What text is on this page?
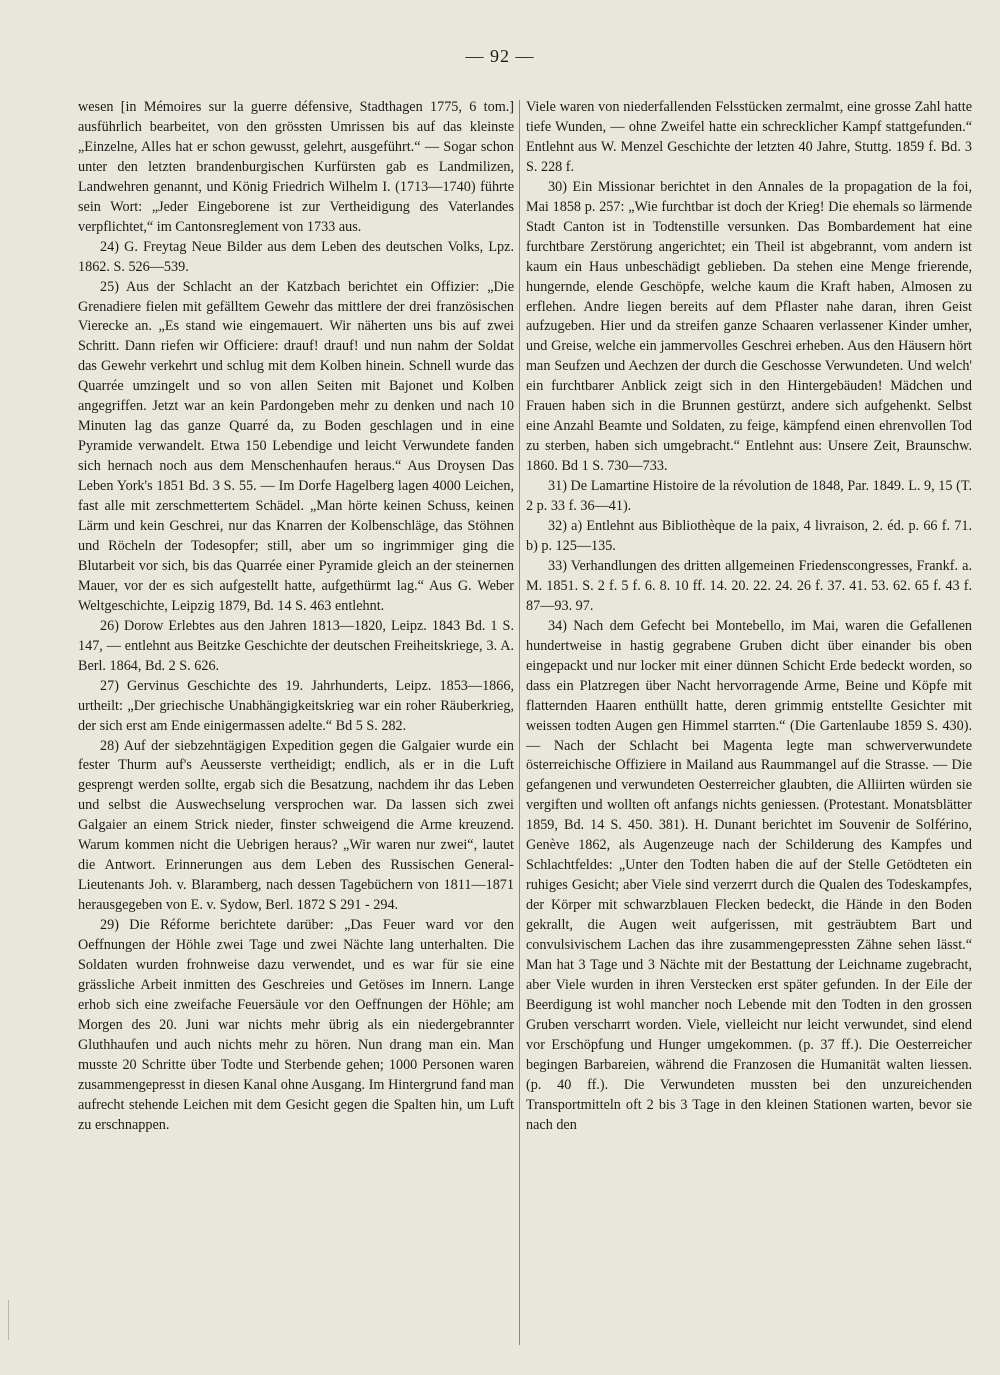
— 92 —

wesen [in Mémoires sur la guerre défensive, Stadthagen 1775, 6 tom.] ausführlich bearbeitet, von den grössten Umrissen bis auf das kleinste „Einzelne, Alles hat er schon gewusst, gelehrt, ausgeführt.“ — Sogar schon unter den letzten brandenburgischen Kurfürsten gab es Landmilizen, Landwehren genannt, und König Friedrich Wilhelm I. (1713—1740) führte sein Wort: „Jeder Eingeborene ist zur Vertheidigung des Vaterlandes verpflichtet,“ im Cantonsreglement von 1733 aus.

24) G. Freytag Neue Bilder aus dem Leben des deutschen Volks, Lpz. 1862. S. 526—539.

25) Aus der Schlacht an der Katzbach berichtet ein Offizier: „Die Grenadiere fielen mit gefälltem Gewehr das mittlere der drei französischen Vierecke an. „Es stand wie eingemauert. Wir näherten uns bis auf zwei Schritt. Dann riefen wir Officiere: drauf! drauf! und nun nahm der Soldat das Gewehr verkehrt und schlug mit dem Kolben hinein. Schnell wurde das Quarrée umzingelt und so von allen Seiten mit Bajonet und Kolben angegriffen. Jetzt war an kein Pardongeben mehr zu denken und nach 10 Minuten lag das ganze Quarré da, zu Boden geschlagen und in eine Pyramide verwandelt. Etwa 150 Lebendige und leicht Verwundete fanden sich hernach noch aus dem Menschenhaufen heraus.“ Aus Droysen Das Leben York's 1851 Bd. 3 S. 55. — Im Dorfe Hagelberg lagen 4000 Leichen, fast alle mit zerschmettertem Schädel. „Man hörte keinen Schuss, keinen Lärm und kein Geschrei, nur das Knarren der Kolbenschläge, das Stöhnen und Röcheln der Todesopfer; still, aber um so ingrimmiger ging die Blutarbeit vor sich, bis das Quarrée einer Pyramide gleich an der steinernen Mauer, vor der es sich aufgestellt hatte, aufgethürmt lag.“ Aus G. Weber Weltgeschichte, Leipzig 1879, Bd. 14 S. 463 entlehnt.

26) Dorow Erlebtes aus den Jahren 1813—1820, Leipz. 1843 Bd. 1 S. 147, — entlehnt aus Beitzke Geschichte der deutschen Freiheitskriege, 3. A. Berl. 1864, Bd. 2 S. 626.

27) Gervinus Geschichte des 19. Jahrhunderts, Leipz. 1853—1866, urtheilt: „Der griechische Unabhängigkeitskrieg war ein roher Räuberkrieg, der sich erst am Ende einigermassen adelte.“ Bd 5 S. 282.

28) Auf der siebzehntägigen Expedition gegen die Galgaier wurde ein fester Thurm auf's Aeusserste vertheidigt; endlich, als er in die Luft gesprengt werden sollte, ergab sich die Besatzung, nachdem ihr das Leben und selbst die Auswechselung versprochen war. Da lassen sich zwei Galgaier an einem Strick nieder, finster schweigend die Arme kreuzend. Warum kommen nicht die Uebrigen heraus? „Wir waren nur zwei“, lautet die Antwort. Erinnerungen aus dem Leben des Russischen General-Lieutenants Joh. v. Blaramberg, nach dessen Tagebüchern von 1811—1871 herausgegeben von E. v. Sydow, Berl. 1872 S 291 - 294.

29) Die Réforme berichtete darüber: „Das Feuer ward vor den Oeffnungen der Höhle zwei Tage und zwei Nächte lang unterhalten. Die Soldaten wurden frohnweise dazu verwendet, und es war für sie eine grässliche Arbeit inmitten des Geschreies und Getöses im Innern. Lange erhob sich eine zweifache Feuersäule vor den Oeffnungen der Höhle; am Morgen des 20. Juni war nichts mehr übrig als ein niedergebrannter Gluthhaufen und auch nichts mehr zu hören. Nun drang man ein. Man musste 20 Schritte über Todte und Sterbende gehen; 1000 Personen waren zusammengepresst in diesen Kanal ohne Ausgang. Im Hintergrund fand man aufrecht stehende Leichen mit dem Gesicht gegen die Spalten hin, um Luft zu erschnappen.

Viele waren von niederfallenden Felsstücken zermalmt, eine grosse Zahl hatte tiefe Wunden, — ohne Zweifel hatte ein schrecklicher Kampf stattgefunden.“ Entlehnt aus W. Menzel Geschichte der letzten 40 Jahre, Stuttg. 1859 f. Bd. 3 S. 228 f.

30) Ein Missionar berichtet in den Annales de la propagation de la foi, Mai 1858 p. 257: „Wie furchtbar ist doch der Krieg! Die ehemals so lärmende Stadt Canton ist in Todtenstille versunken. Das Bombardement hat eine furchtbare Zerstörung angerichtet; ein Theil ist abgebrannt, vom andern ist kaum ein Haus unbeschädigt geblieben. Da stehen eine Menge frierende, hungernde, elende Geschöpfe, welche kaum die Kraft haben, Almosen zu erflehen. Andre liegen bereits auf dem Pflaster nahe daran, ihren Geist aufzugeben. Hier und da streifen ganze Schaaren verlassener Kinder umher, und Greise, welche ein jammervolles Geschrei erheben. Aus den Häusern hört man Seufzen und Aechzen der durch die Geschosse Verwundeten. Und welch' ein furchtbarer Anblick zeigt sich in den Hintergebäuden! Mädchen und Frauen haben sich in die Brunnen gestürzt, andere sich aufgehenkt. Selbst eine Anzahl Beamte und Soldaten, zu feige, kämpfend einen ehrenvollen Tod zu sterben, haben sich umgebracht.“ Entlehnt aus: Unsere Zeit, Braunschw. 1860. Bd 1 S. 730—733.

31) De Lamartine Histoire de la révolution de 1848, Par. 1849. L. 9, 15 (T. 2 p. 33 f. 36—41).

32) a) Entlehnt aus Bibliothèque de la paix, 4 livraison, 2. éd. p. 66 f. 71. b) p. 125—135.

33) Verhandlungen des dritten allgemeinen Friedenscongresses, Frankf. a. M. 1851. S. 2 f. 5 f. 6. 8. 10 ff. 14. 20. 22. 24. 26 f. 37. 41. 53. 62. 65 f. 43 f. 87—93. 97.

34) Nach dem Gefecht bei Montebello, im Mai, waren die Gefallenen hundertweise in hastig gegrabene Gruben dicht über einander bis oben eingepackt und nur locker mit einer dünnen Schicht Erde bedeckt worden, so dass ein Platzregen über Nacht hervorragende Arme, Beine und Köpfe mit flatternden Haaren enthüllt hatte, deren grimmig entstellte Gesichter mit weissen todten Augen gen Himmel starrten.“ (Die Gartenlaube 1859 S. 430). — Nach der Schlacht bei Magenta legte man schwerverwundete österreichische Offiziere in Mailand aus Raummangel auf die Strasse. — Die gefangenen und verwundeten Oesterreicher glaubten, die Alliirten würden sie vergiften und wollten oft anfangs nichts geniessen. (Protestant. Monatsblätter 1859, Bd. 14 S. 450. 381). H. Dunant berichtet im Souvenir de Solférino, Genève 1862, als Augenzeuge nach der Schilderung des Kampfes und Schlachtfeldes: „Unter den Todten haben die auf der Stelle Getödteten ein ruhiges Gesicht; aber Viele sind verzerrt durch die Qualen des Todeskampfes, der Körper mit schwarzblauen Flecken bedeckt, die Hände in den Boden gekrallt, die Augen weit aufgerissen, mit gesträubtem Bart und convulsivischem Lachen das ihre zusammengepressten Zähne sehen lässt.“ Man hat 3 Tage und 3 Nächte mit der Bestattung der Leichname zugebracht, aber Viele wurden in ihren Verstecken erst später gefunden. In der Eile der Beerdigung ist wohl mancher noch Lebende mit den Todten in den grossen Gruben verscharrt worden. Viele, vielleicht nur leicht verwundet, sind elend vor Erschöpfung und Hunger umgekommen. (p. 37 ff.). Die Oesterreicher begingen Barbareien, während die Franzosen die Humanität walten liessen. (p. 40 ff.). Die Verwundeten mussten bei den unzureichenden Transportmitteln oft 2 bis 3 Tage in den kleinen Stationen warten, bevor sie nach den
